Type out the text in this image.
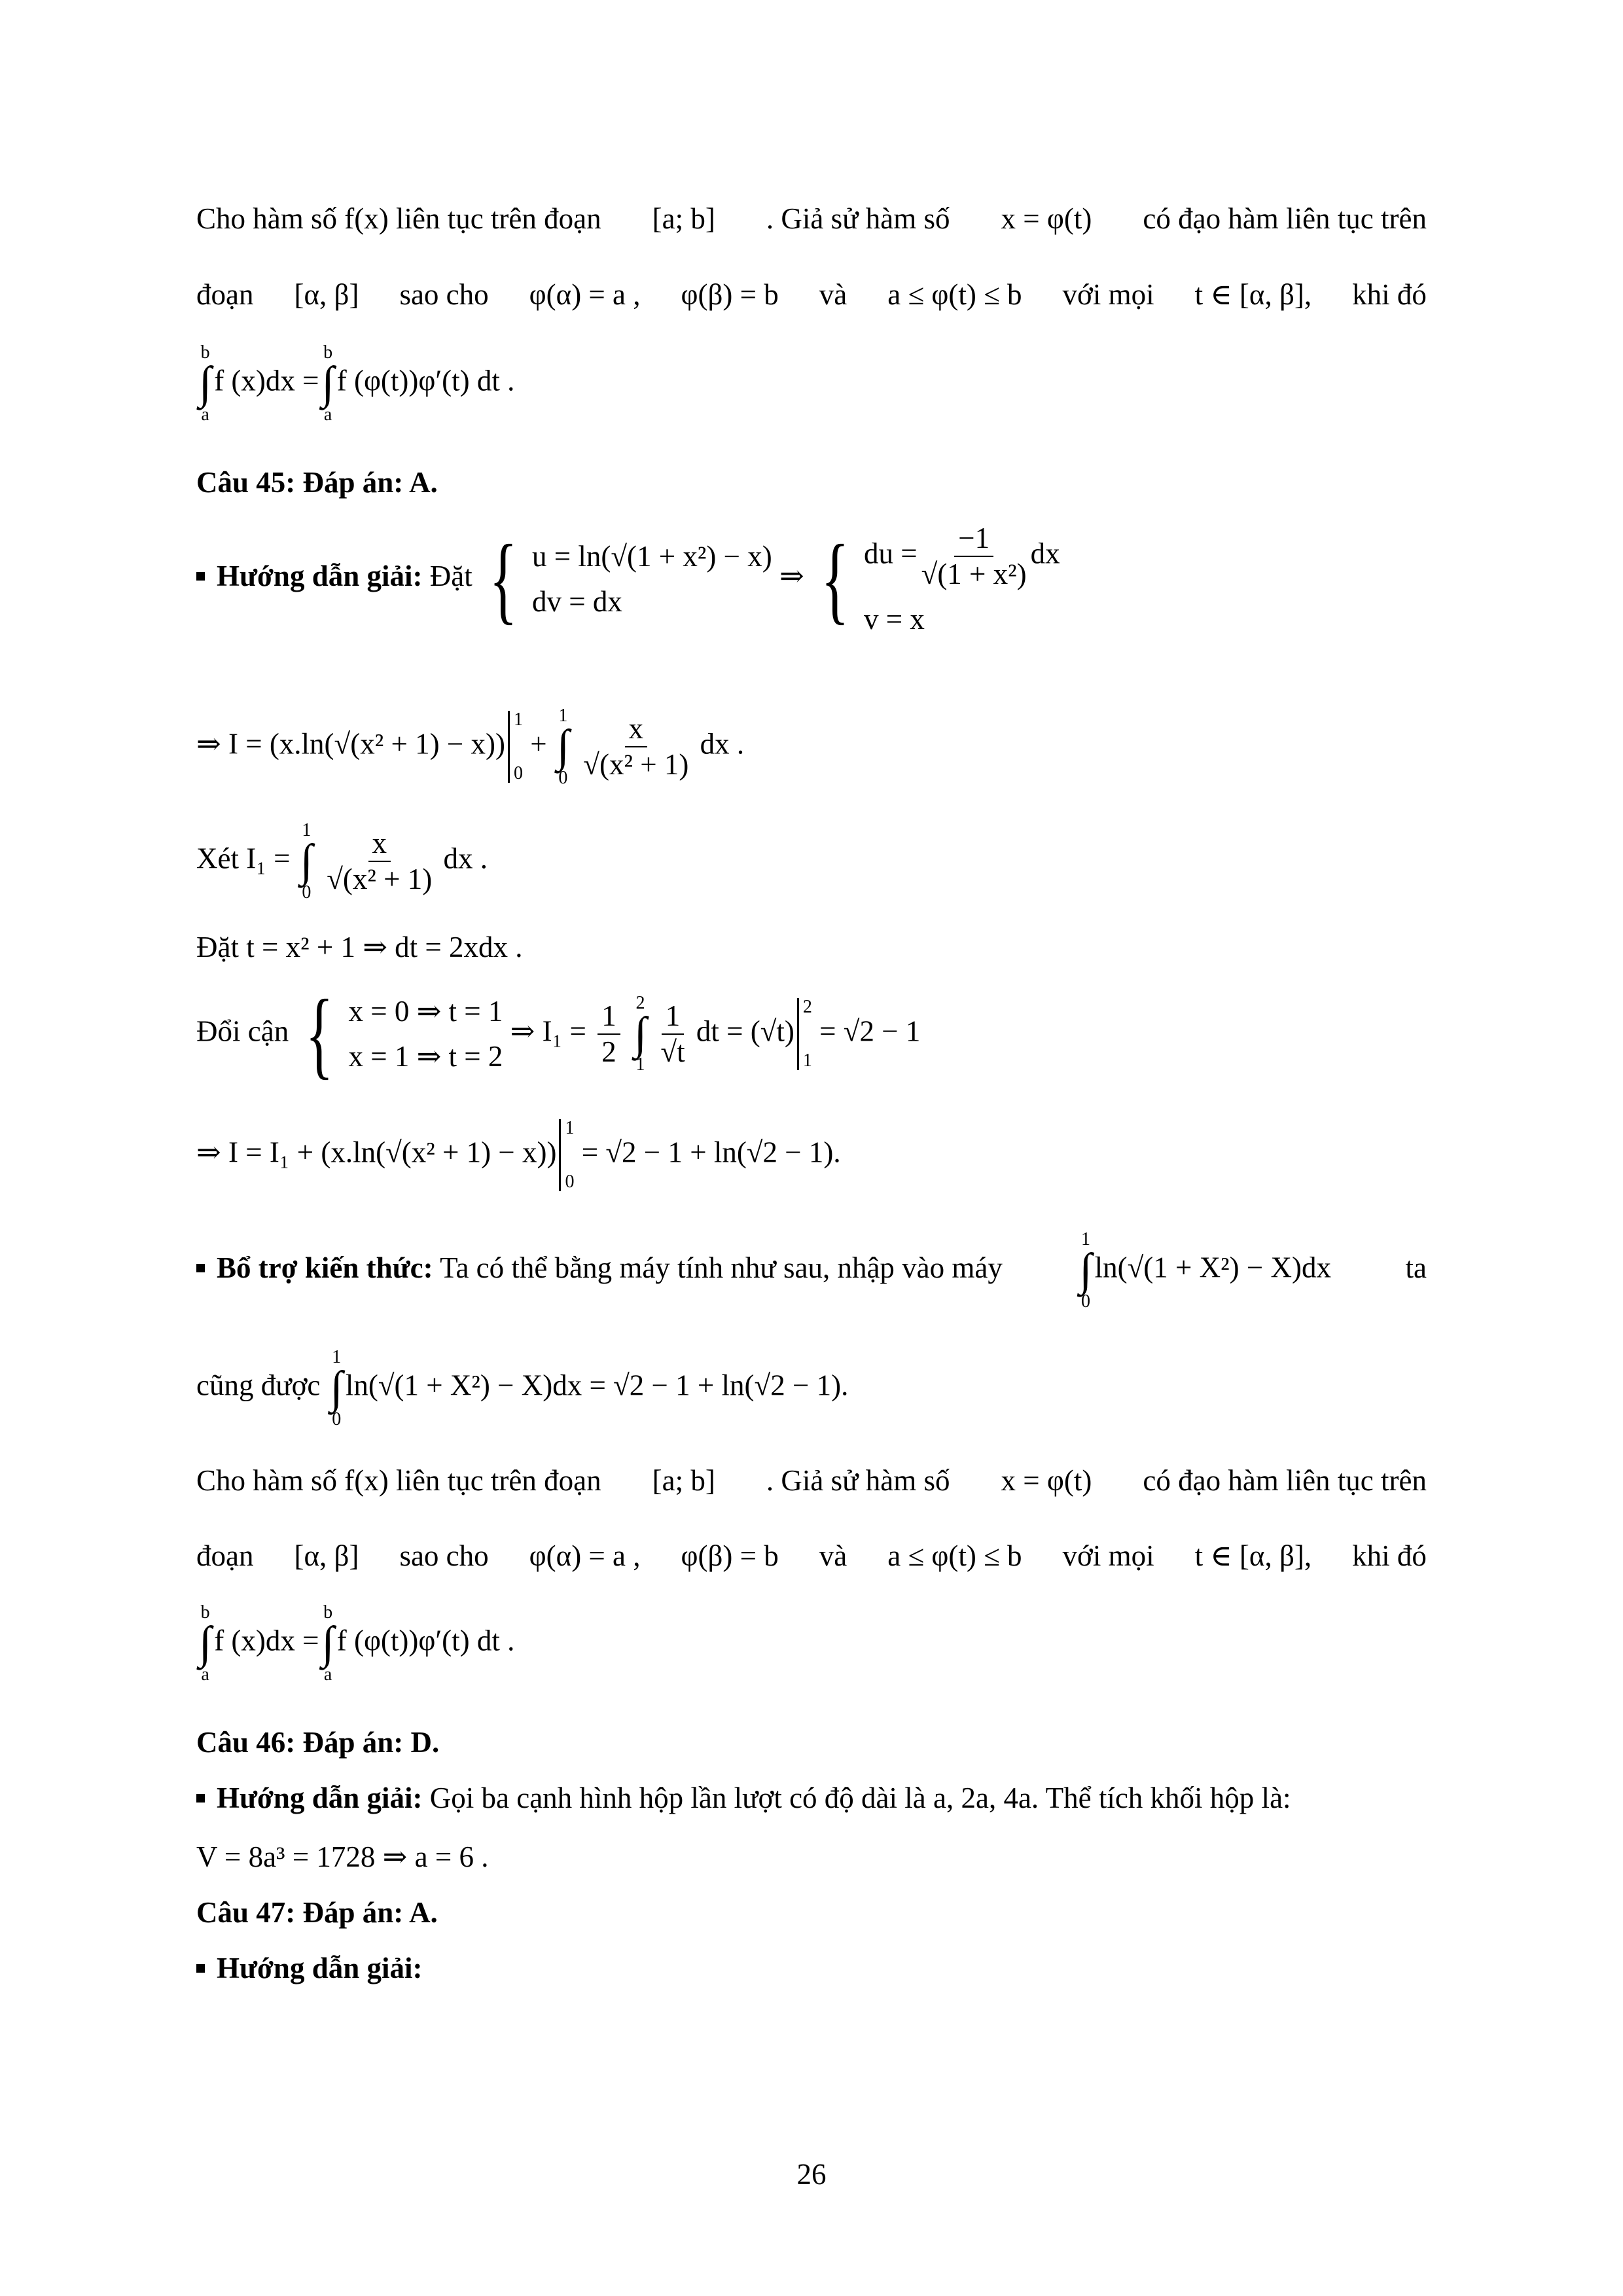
Cho hàm số f(x) liên tục trên đoạn [a; b] . Giả sử hàm số x = φ(t) có đạo hàm liên tục trên
đoạn [α, β] sao cho φ(α) = a , φ(β) = b và a ≤ φ(t) ≤ b với mọi t ∈ [α, β], khi đó
b
∫
a
f (x)dx =
b
∫
a
f (φ(t))φ′(t) dt .
Câu 45: Đáp án: A.
Hướng dẫn giải: Đặt { u = ln(√(1 + x²) − x)
dv = dx
⇒ { du = $\frac{-1}{\text{√(1 + x²)}}$ dx
v = x
⇒ I = (x.ln(√(x² + 1) − x))
1
0
+
1
∫
0
$\frac{x}{\text{√(x² + 1)}}$ dx .
Xét I₁ =
1
∫
0
$\frac{x}{\text{√(x² + 1)}}$ dx .
Đặt t = x² + 1 ⇒ dt = 2xdx .
Đổi cận { x = 0 ⇒ t = 1
x = 1 ⇒ t = 2
⇒ $I_1 = \frac{1}{2}$
2
∫
1
$\frac{1}{√t}$ dt = (√t)
2
1
= √2 − 1
⇒ I = I₁ + (x.ln(√(x² + 1) − x))
1
0
= √2 − 1 + ln(√2 − 1).
Bổ trợ kiến thức: Ta có thể bằng máy tính như sau, nhập vào máy
1
∫
0
ln(√(1 + X²) − X)dx	ta
cũng được
1
∫
0
ln(√(1 + X²) − X)dx = √2 − 1 + ln(√2 − 1).
Cho hàm số f(x) liên tục trên đoạn [a; b] . Giả sử hàm số x = φ(t) có đạo hàm liên tục trên
đoạn [α, β] sao cho φ(α) = a , φ(β) = b và a ≤ φ(t) ≤ b với mọi t ∈ [α, β], khi đó
b
∫
a
f (x)dx =
b
∫
a
f (φ(t))φ′(t) dt .
Câu 46: Đáp án: D.
Hướng dẫn giải: Gọi ba cạnh hình hộp lần lượt có độ dài là a, 2a, 4a. Thể tích khối hộp là:
V = 8a³ = 1728 ⇒ a = 6 .
Câu 47: Đáp án: A.
Hướng dẫn giải:
26
